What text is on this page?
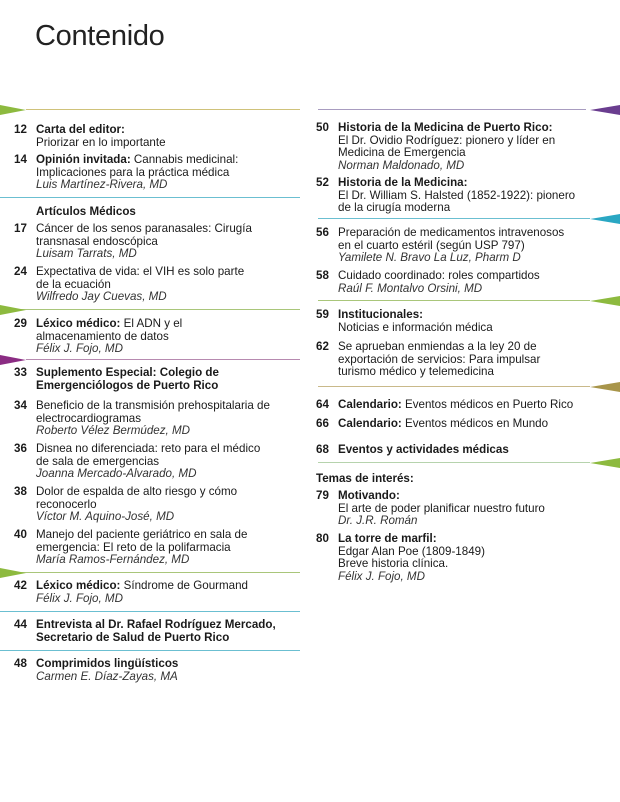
Contenido
12 Carta del editor:
Priorizar en lo importante
14 Opinión invitada: Cannabis medicinal:
Implicaciones para la práctica médica
Luis Martínez-Rivera, MD
Artículos Médicos
17 Cáncer de los senos paranasales: Cirugía
transnasal endoscópica
Luisam Tarrats, MD
24 Expectativa de vida: el VIH es solo parte
de la ecuación
Wilfredo Jay Cuevas, MD
29 Léxico médico: El ADN y el
almacenamiento de datos
Félix J. Fojo, MD
33 Suplemento Especial: Colegio de
Emergenciólogos de Puerto Rico
34 Beneficio de la transmisión prehospitalaria de
electrocardiogramas
Roberto Vélez Bermúdez, MD
36 Disnea no diferenciada: reto para el médico
de sala de emergencias
Joanna Mercado-Alvarado, MD
38 Dolor de espalda de alto riesgo y cómo
reconocerlo
Víctor M. Aquino-José, MD
40 Manejo del paciente geriátrico en sala de
emergencia: El reto de la polifarmacia
María Ramos-Fernández, MD
42 Léxico médico: Síndrome de Gourmand
Félix J. Fojo, MD
44 Entrevista al Dr. Rafael Rodríguez Mercado,
Secretario de Salud de Puerto Rico
48 Comprimidos lingüísticos
Carmen E. Díaz-Zayas, MA
50 Historia de la Medicina de Puerto Rico:
El Dr. Ovidio Rodríguez: pionero y líder en
Medicina de Emergencia
Norman Maldonado, MD
52 Historia de la Medicina:
El Dr. William S. Halsted (1852-1922): pionero
de la cirugía moderna
56 Preparación de medicamentos intravenosos
en el cuarto estéril (según USP 797)
Yamilete N. Bravo La Luz, Pharm D
58 Cuidado coordinado: roles compartidos
Raúl F. Montalvo Orsini, MD
59 Institucionales:
Noticias e información médica
62 Se aprueban enmiendas a la ley 20 de
exportación de servicios: Para impulsar
turismo médico y telemedicina
64 Calendario: Eventos médicos en Puerto Rico
66 Calendario: Eventos médicos en Mundo
68 Eventos y actividades médicas
Temas de interés:
79 Motivando:
El arte de poder planificar nuestro futuro
Dr. J.R. Román
80 La torre de marfil:
Edgar Alan Poe (1809-1849)
Breve historia clínica.
Félix J. Fojo, MD
